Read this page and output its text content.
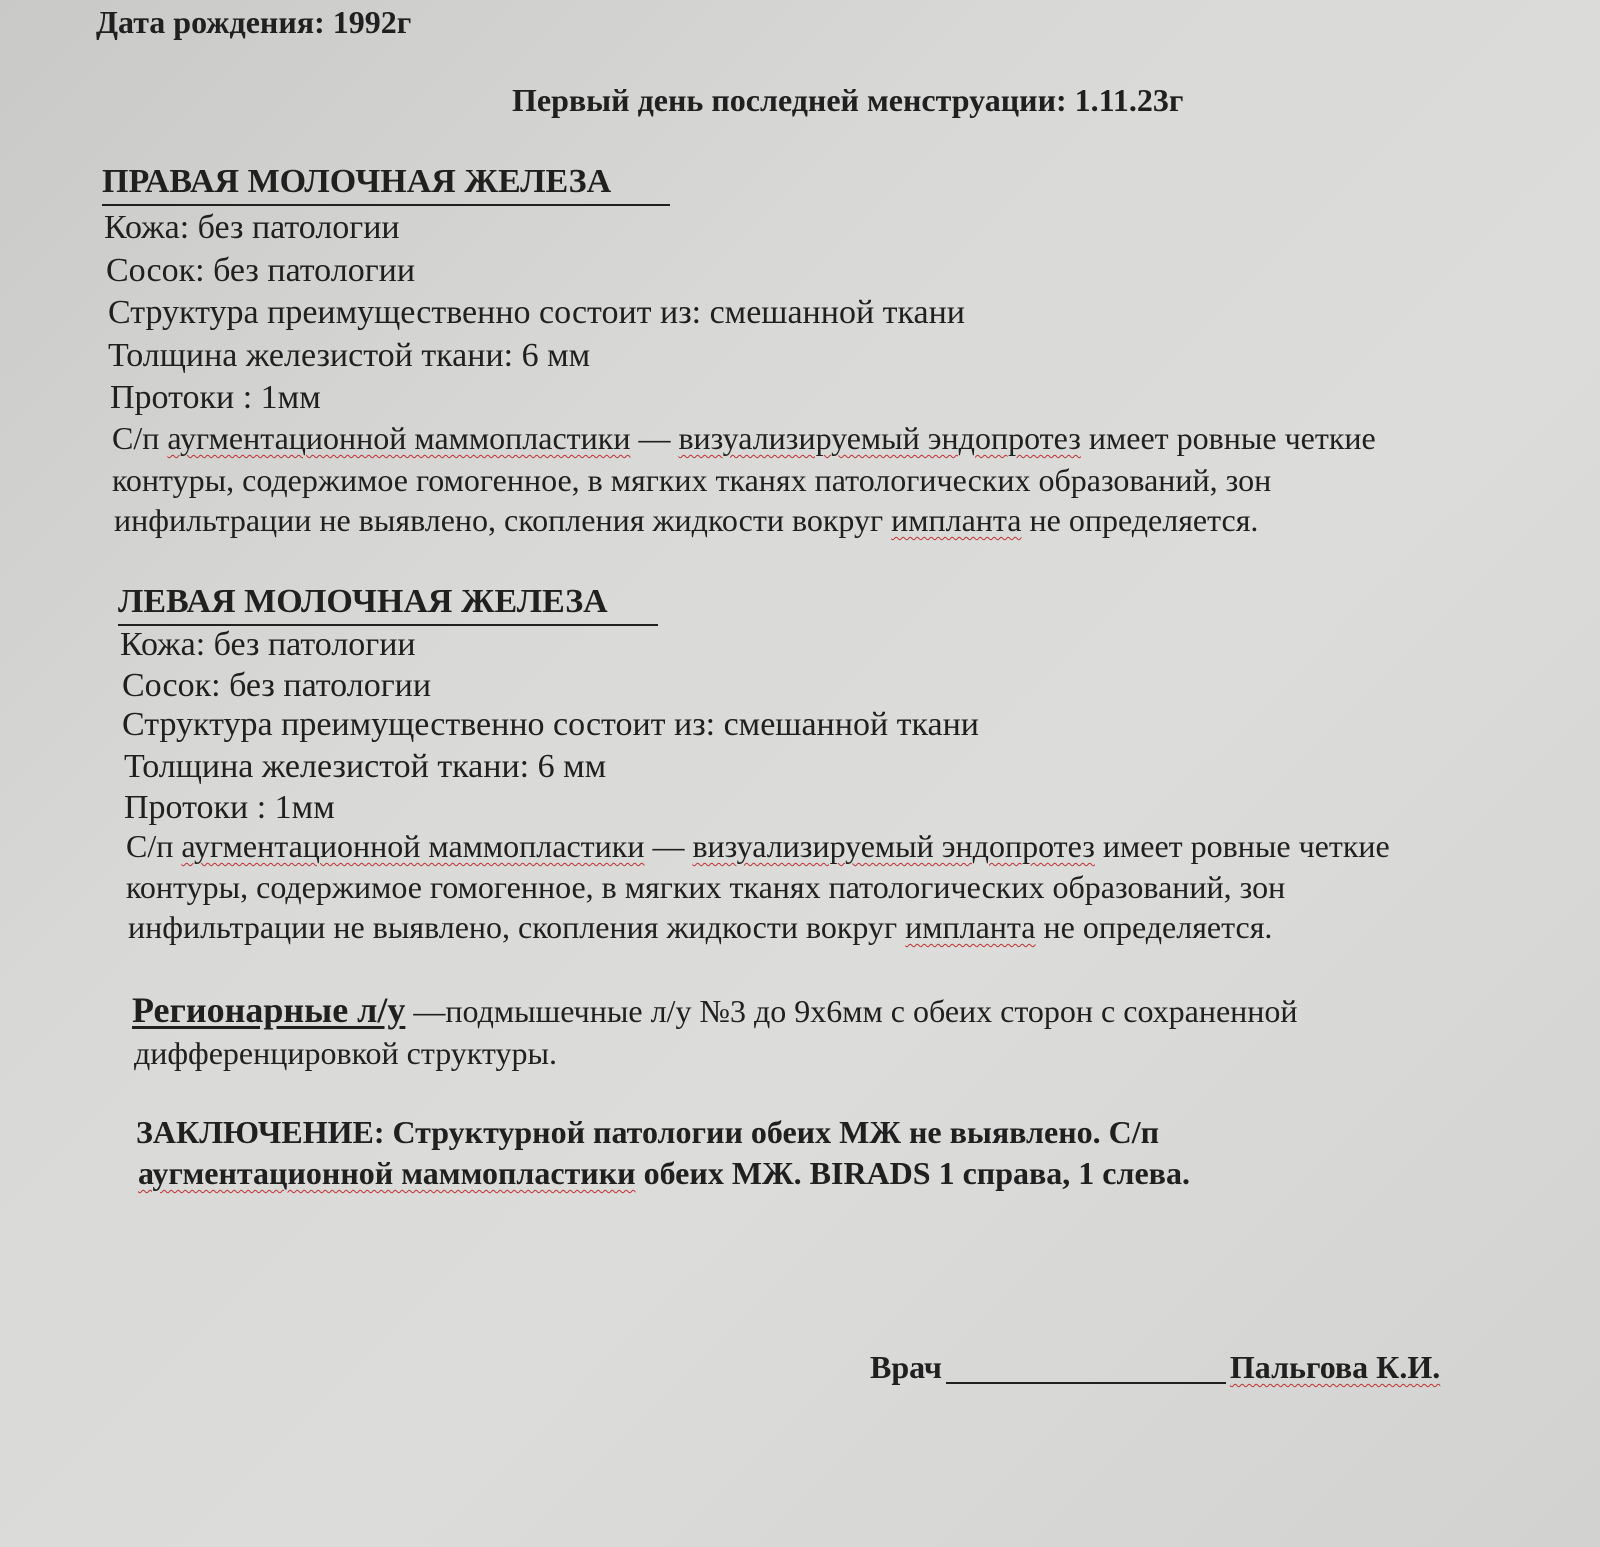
Дата рождения: 1992г
Первый день последней менструации: 1.11.23г
ПРАВАЯ МОЛОЧНАЯ ЖЕЛЕЗА
Кожа: без патологии
Сосок: без патологии
Структура преимущественно состоит из: смешанной ткани
Толщина железистой ткани: 6 мм
Протоки : 1мм
С/п аугментационной маммопластики — визуализируемый эндопротез имеет ровные четкие
контуры, содержимое гомогенное, в мягких тканях патологических образований, зон
инфильтрации не выявлено, скопления жидкости вокруг импланта не определяется.
ЛЕВАЯ МОЛОЧНАЯ ЖЕЛЕЗА
Кожа: без патологии
Сосок: без патологии
Структура преимущественно состоит из: смешанной ткани
Толщина железистой ткани: 6 мм
Протоки : 1мм
С/п аугментационной маммопластики — визуализируемый эндопротез имеет ровные четкие
контуры, содержимое гомогенное, в мягких тканях патологических образований, зон
инфильтрации не выявлено, скопления жидкости вокруг импланта не определяется.
Регионарные л/у —подмышечные л/у №3 до 9х6мм с обеих сторон с сохраненной
дифференцировкой структуры.
ЗАКЛЮЧЕНИЕ: Структурной патологии обеих МЖ не выявлено. С/п
аугментационной маммопластики обеих МЖ. BIRADS 1 справа, 1 слева.
Врач	Пальгова К.И.
